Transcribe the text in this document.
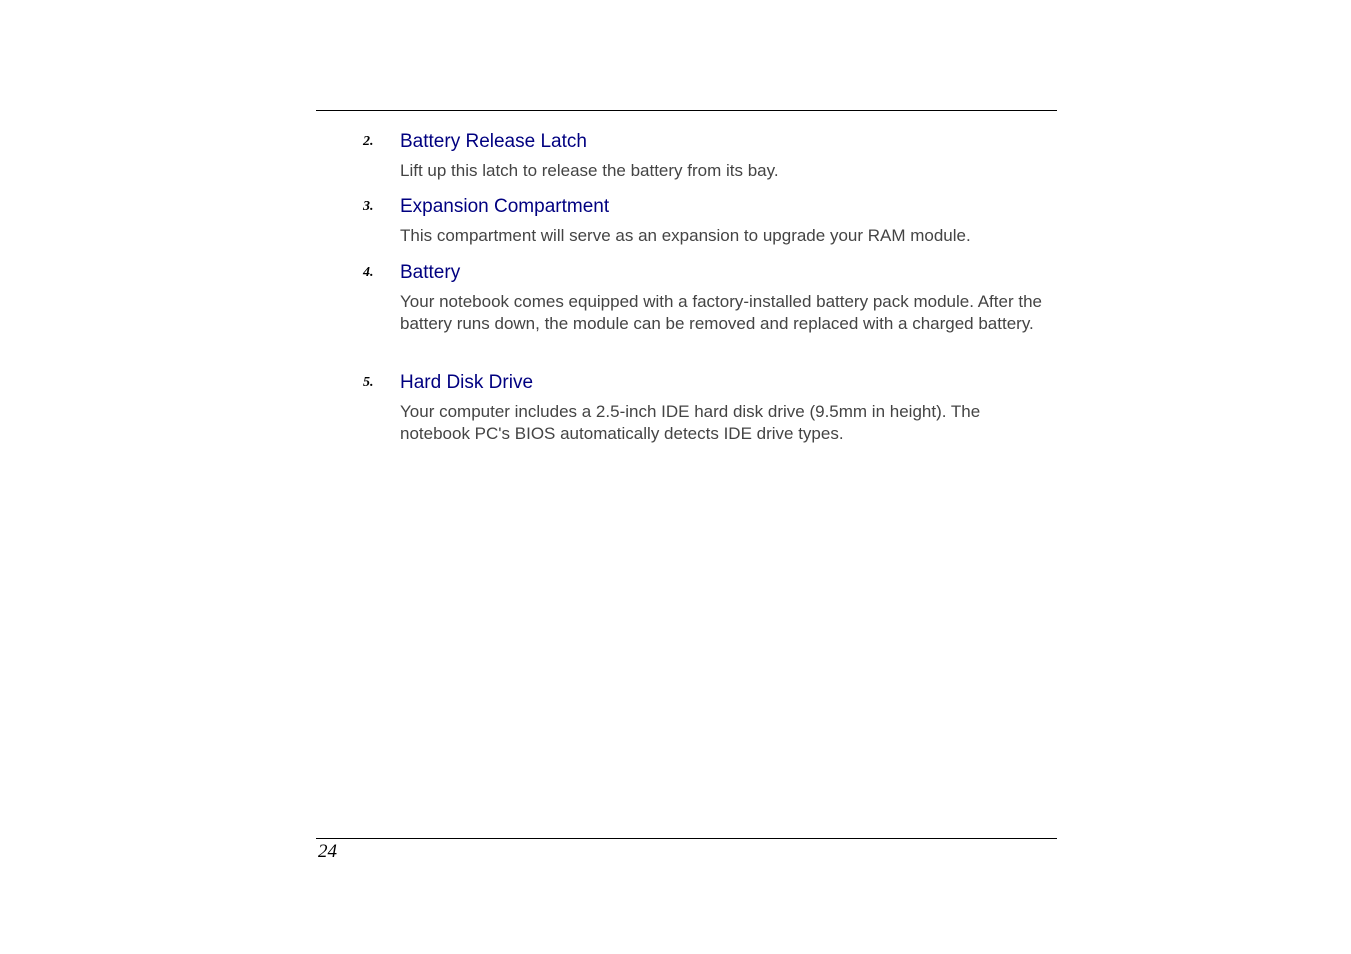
2. Battery Release Latch
Lift up this latch to release the battery from its bay.
3. Expansion Compartment
This compartment will serve as an expansion to upgrade your RAM module.
4. Battery
Your notebook comes equipped with a factory-installed battery pack module. After the battery runs down, the module can be removed and replaced with a charged battery.
5. Hard Disk Drive
Your computer includes a 2.5-inch IDE hard disk drive (9.5mm in height). The notebook PC's BIOS automatically detects IDE drive types.
24
